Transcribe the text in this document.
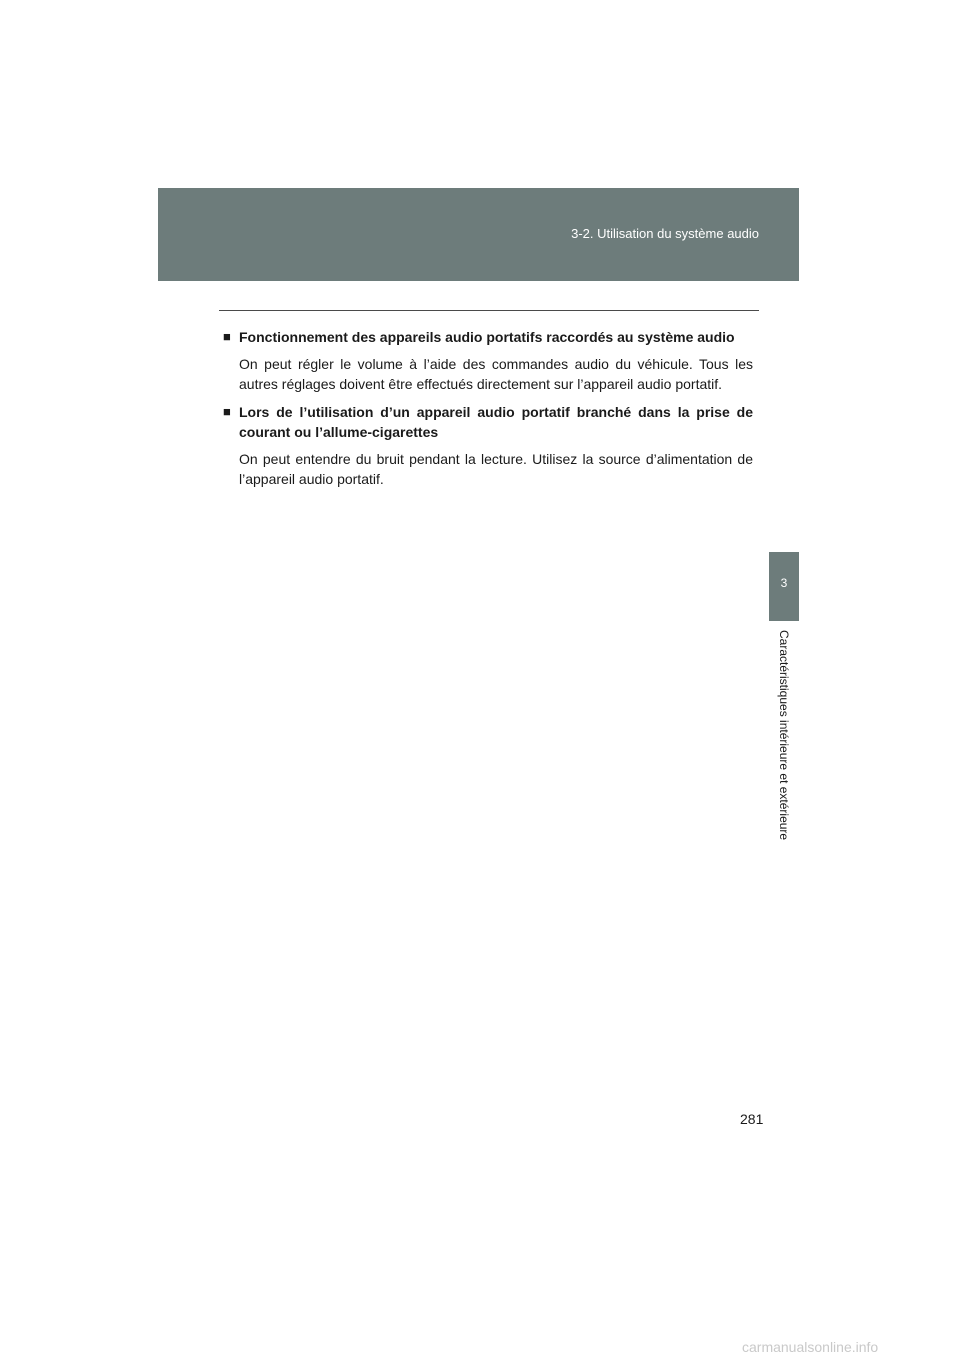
3-2. Utilisation du système audio
3
Caractéristiques intérieure et extérieure
■ Fonctionnement des appareils audio portatifs raccordés au système audio
On peut régler le volume à l’aide des commandes audio du véhicule. Tous les autres réglages doivent être effectués directement sur l’appareil audio portatif.
■ Lors de l’utilisation d’un appareil audio portatif branché dans la prise de courant ou l’allume-cigarettes
On peut entendre du bruit pendant la lecture. Utilisez la source d’alimentation de l’appareil audio portatif.
281
carmanualsonline.info
